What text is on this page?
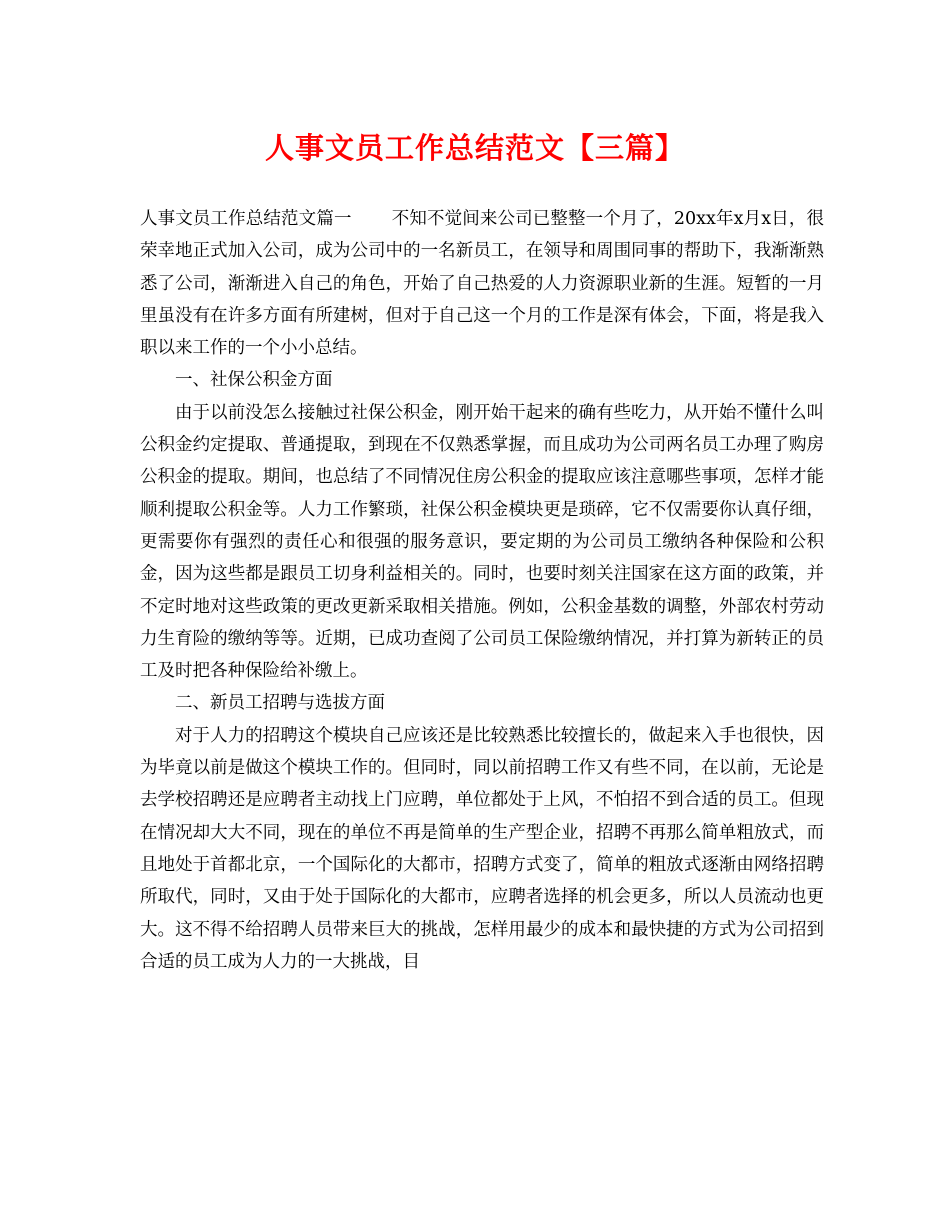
人事文员工作总结范文【三篇】

人事文员工作总结范文篇一 不知不觉间来公司已整整一个月了，20xx年x月x日，很荣幸地正式加入公司，成为公司中的一名新员工，在领导和周围同事的帮助下，我渐渐熟悉了公司，渐渐进入自己的角色，开始了自己热爱的人力资源职业新的生涯。短暂的一月里虽没有在许多方面有所建树，但对于自己这一个月的工作是深有体会，下面，将是我入职以来工作的一个小小总结。

一、社保公积金方面

由于以前没怎么接触过社保公积金，刚开始干起来的确有些吃力，从开始不懂什么叫公积金约定提取、普通提取，到现在不仅熟悉掌握，而且成功为公司两名员工办理了购房公积金的提取。期间，也总结了不同情况住房公积金的提取应该注意哪些事项，怎样才能顺利提取公积金等。人力工作繁琐，社保公积金模块更是琐碎，它不仅需要你认真仔细，更需要你有强烈的责任心和很强的服务意识，要定期的为公司员工缴纳各种保险和公积金，因为这些都是跟员工切身利益相关的。同时，也要时刻关注国家在这方面的政策，并不定时地对这些政策的更改更新采取相关措施。例如，公积金基数的调整，外部农村劳动力生育险的缴纳等等。近期，已成功查阅了公司员工保险缴纳情况，并打算为新转正的员工及时把各种保险给补缴上。

二、新员工招聘与选拔方面

对于人力的招聘这个模块自己应该还是比较熟悉比较擅长的，做起来入手也很快，因为毕竟以前是做这个模块工作的。但同时，同以前招聘工作又有些不同，在以前，无论是去学校招聘还是应聘者主动找上门应聘，单位都处于上风，不怕招不到合适的员工。但现在情况却大大不同，现在的单位不再是简单的生产型企业，招聘不再那么简单粗放式，而且地处于首都北京，一个国际化的大都市，招聘方式变了，简单的粗放式逐渐由网络招聘所取代，同时，又由于处于国际化的大都市，应聘者选择的机会更多，所以人员流动也更大。这不得不给招聘人员带来巨大的挑战，怎样用最少的成本和最快捷的方式为公司招到合适的员工成为人力的一大挑战，目
